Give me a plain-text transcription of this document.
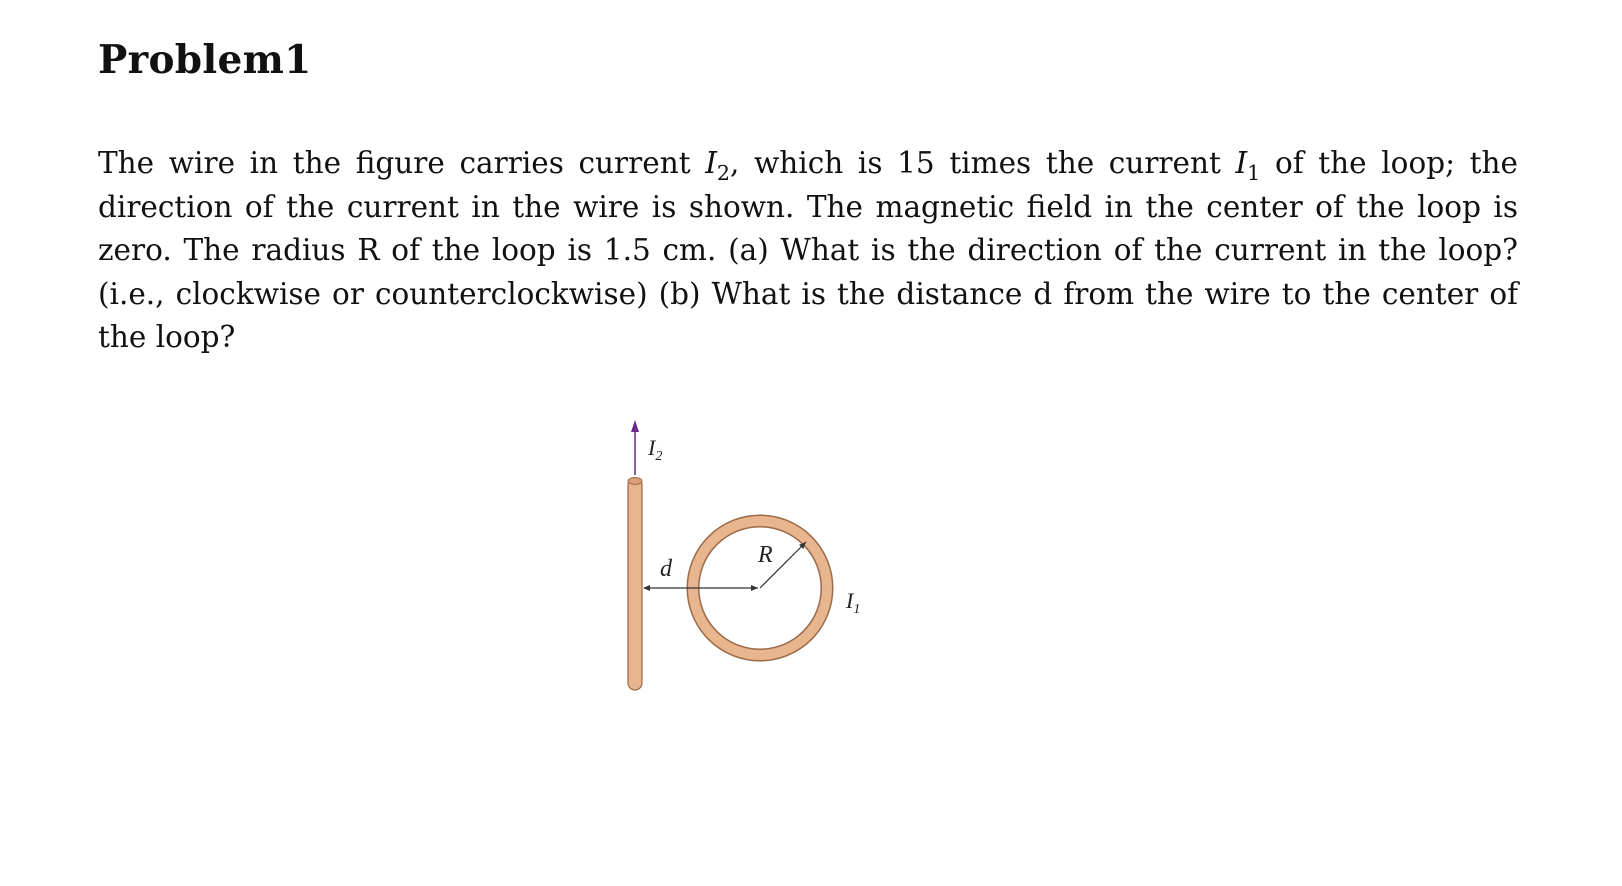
Problem1

The wire in the figure carries current $I_2$, which is 15 times the current $I_1$ of the loop; the direction of the current in the wire is shown. The magnetic field in the center of the loop is zero. The radius R of the loop is 1.5 cm. (a) What is the direction of the current in the loop? (i.e., clockwise or counterclockwise) (b) What is the distance d from the wire to the center of the loop?

$I_2$
d
R
$I_1$
